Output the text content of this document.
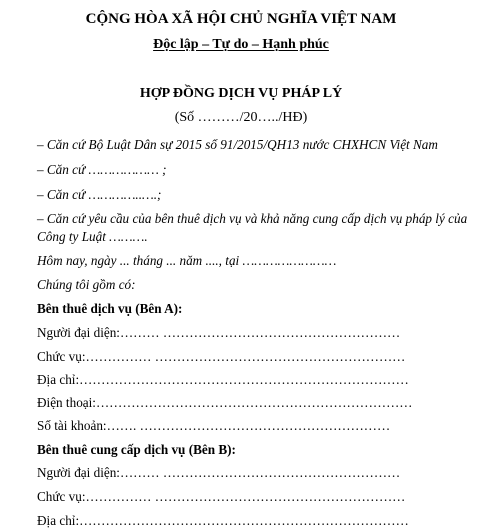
CỘNG HÒA XÃ HỘI CHỦ NGHĨA VIỆT NAM
Độc lập – Tự do – Hạnh phúc
HỢP ĐỒNG DỊCH VỤ PHÁP LÝ
(Số ………/20…../HĐ)
– Căn cứ Bộ Luật Dân sự 2015 số 91/2015/QH13 nước CHXHCN Việt Nam
– Căn cứ ……………… ;
– Căn cứ …………..….;
– Căn cứ yêu cầu của bên thuê dịch vụ và khả năng cung cấp dịch vụ pháp lý của
Công ty Luật ……….
Hôm nay, ngày ... tháng ... năm ...., tại ……………………
Chúng tôi gồm có:
Bên thuê dịch vụ (Bên A):
Người đại diện:……… ………………………………………………
Chức vụ:…………… …………………………………………………
Địa chỉ:…………………………………………………………………
Điện thoại:………………………………………………………………
Số tài khoản:……. …………………………………………………
Bên thuê cung cấp dịch vụ (Bên B):
Người đại diện:……… ………………………………………………
Chức vụ:…………… …………………………………………………
Địa chỉ:…………………………………………………………………
